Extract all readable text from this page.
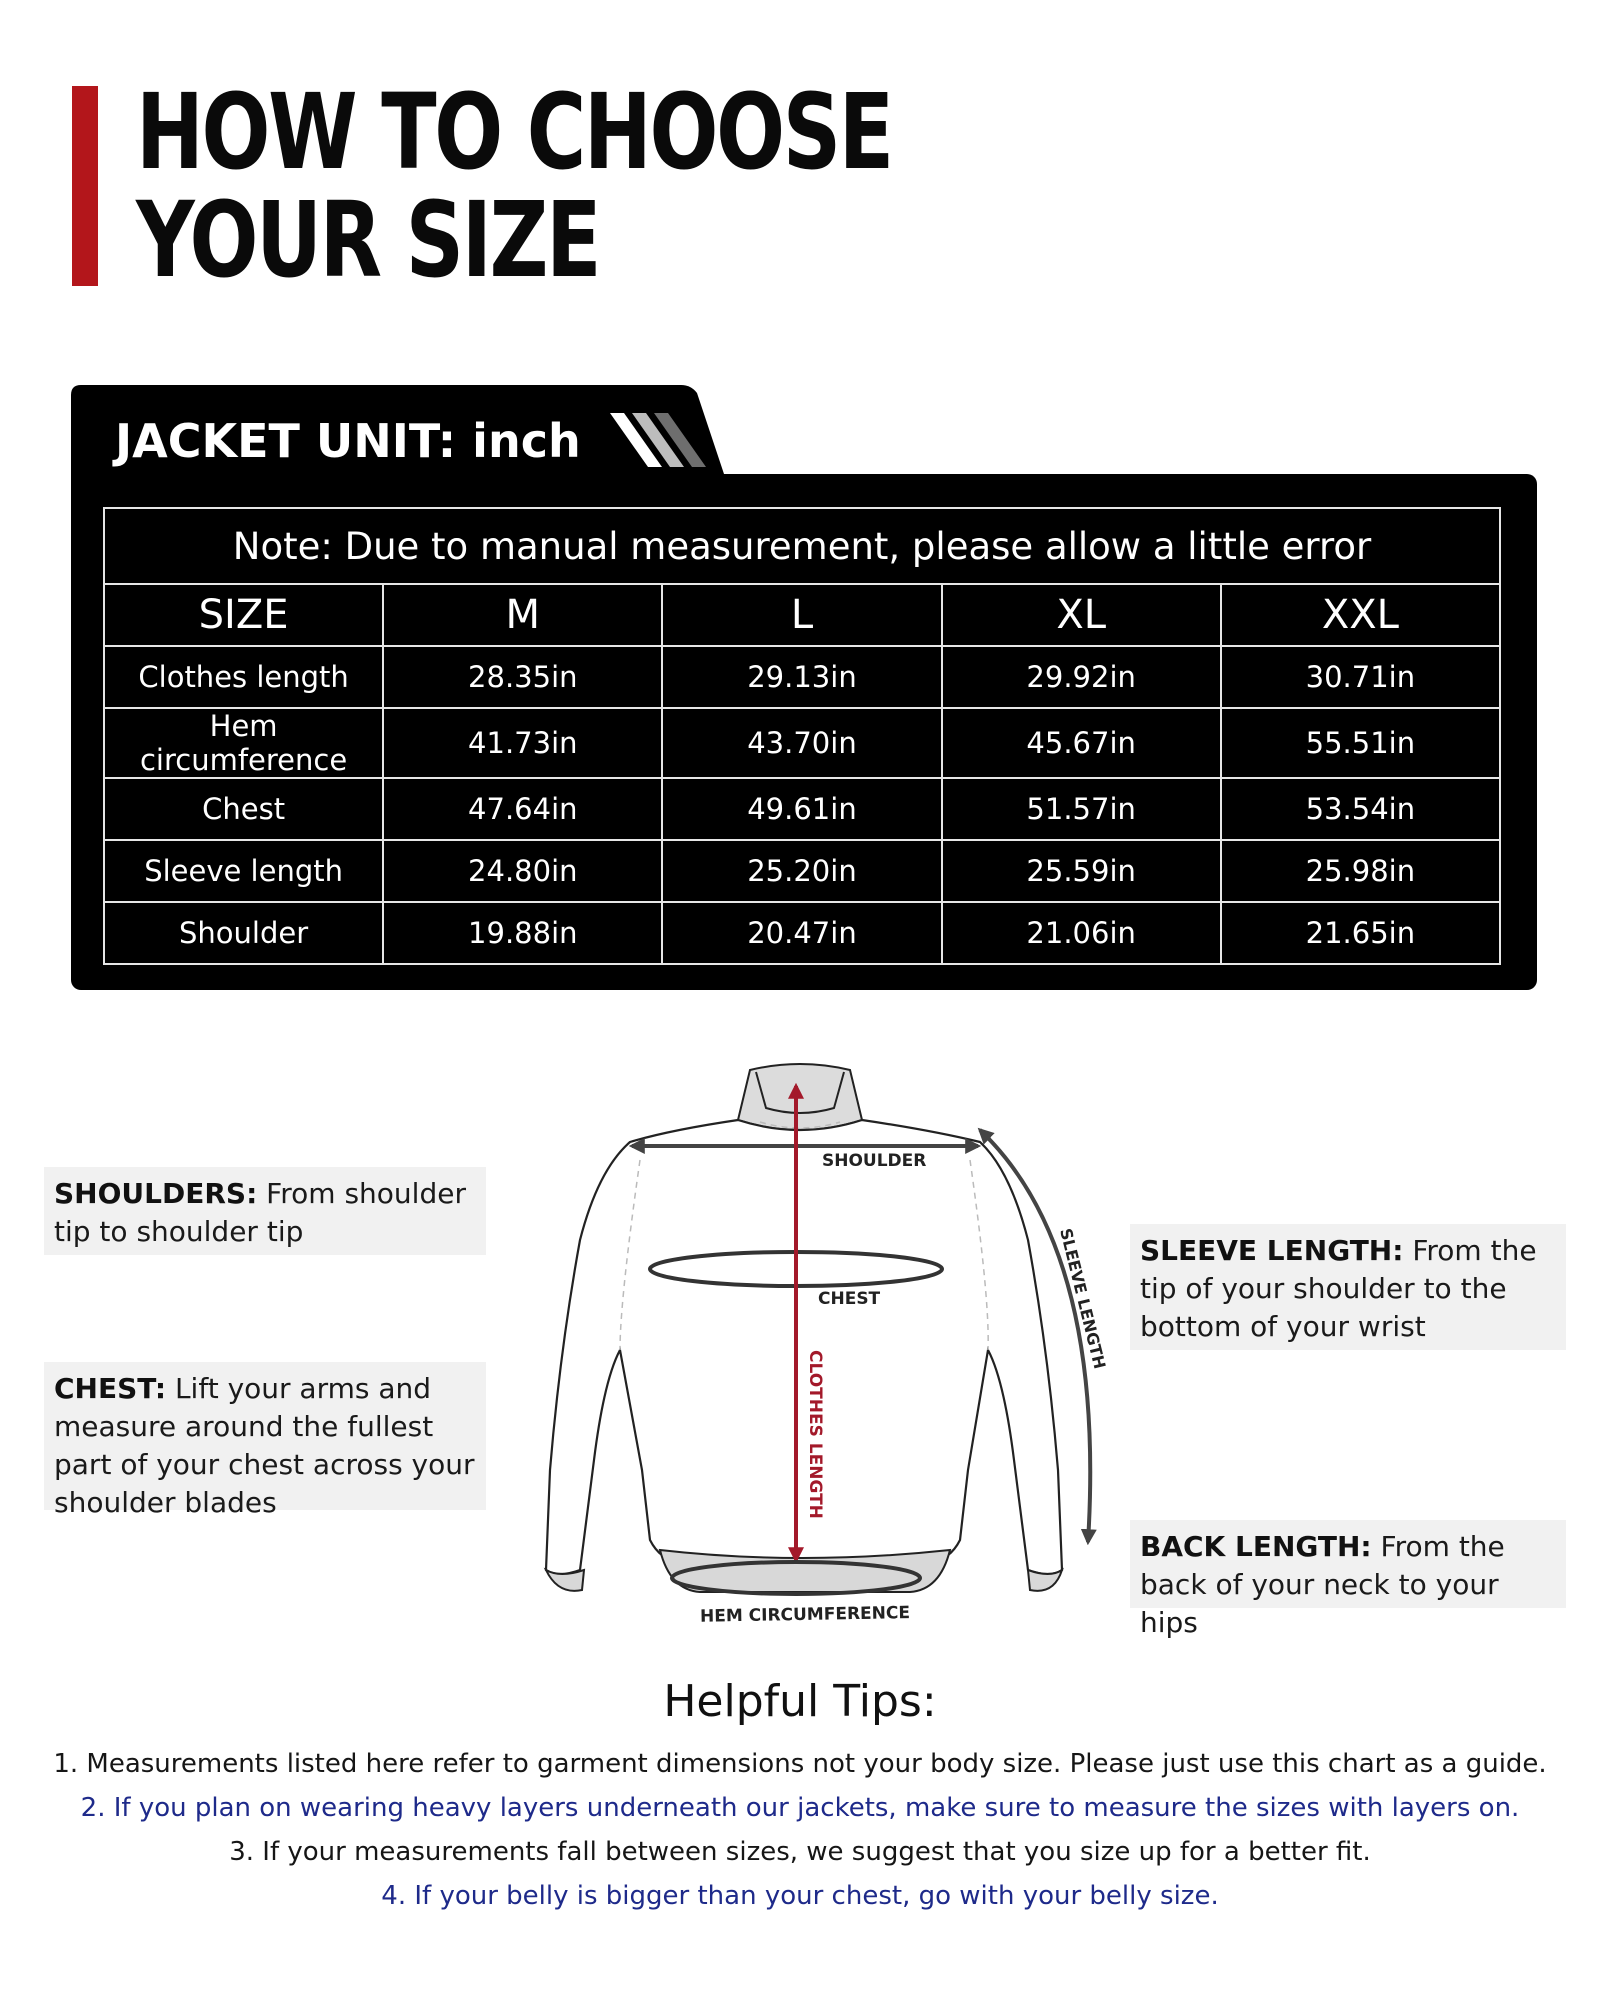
HOW TO CHOOSE
YOUR SIZE
JACKET UNIT: inch
Note: Due to manual measurement, please allow a little error				
SIZE	M	L	XL	XXL
Clothes length	28.35in	29.13in	29.92in	30.71in
Hem circumference	41.73in	43.70in	45.67in	55.51in
Chest	47.64in	49.61in	51.57in	53.54in
Sleeve length	24.80in	25.20in	25.59in	25.98in
Shoulder	19.88in	20.47in	21.06in	21.65in
SHOULDERS: From shoulder tip to shoulder tip
CHEST: Lift your arms and measure around the fullest part of your chest across your shoulder blades
SLEEVE LENGTH: From the tip of your shoulder to the bottom of your wrist
BACK LENGTH: From the back of your neck to your hips
SHOULDER
CHEST
CLOTHES LENGTH
HEM CIRCUMFERENCE
SLEEVE LENGTH
Helpful Tips:
1. Measurements listed here refer to garment dimensions not your body size. Please just use this chart as a guide.
2. If you plan on wearing heavy layers underneath our jackets, make sure to measure the sizes with layers on.
3. If your measurements fall between sizes, we suggest that you size up for a better fit.
4. If your belly is bigger than your chest, go with your belly size.
